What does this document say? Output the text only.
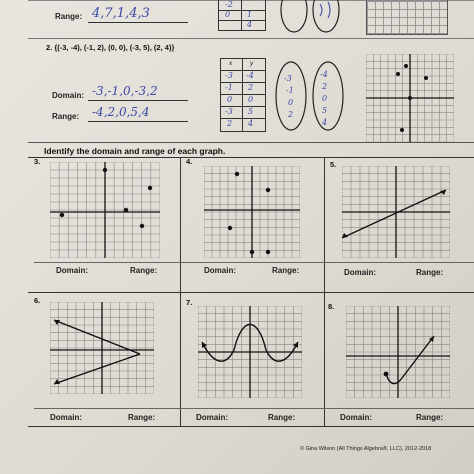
Range: 4,7,1,4,3
-2
0 1
4
2. {(-3, -4), (-1, 2), (0, 0), (-3, 5), (2, 4)}
Domain: -3,-1,0,-3,2
Range: -4,2,0,5,4
x	y
-3 -4
-1 2
0 0
-3 5
2 4
-3
-1
0
2
-4
2
0
5
4
Identify the domain and range of each graph.
3.	4.	5.
Domain:	Range:	Domain:	Range:	Domain:	Range:
6.	7.	8.
Domain:	Range:	Domain:	Range:	Domain:	Range:
© Gina Wilson (All Things Algebra®, LLC), 2012-2018
